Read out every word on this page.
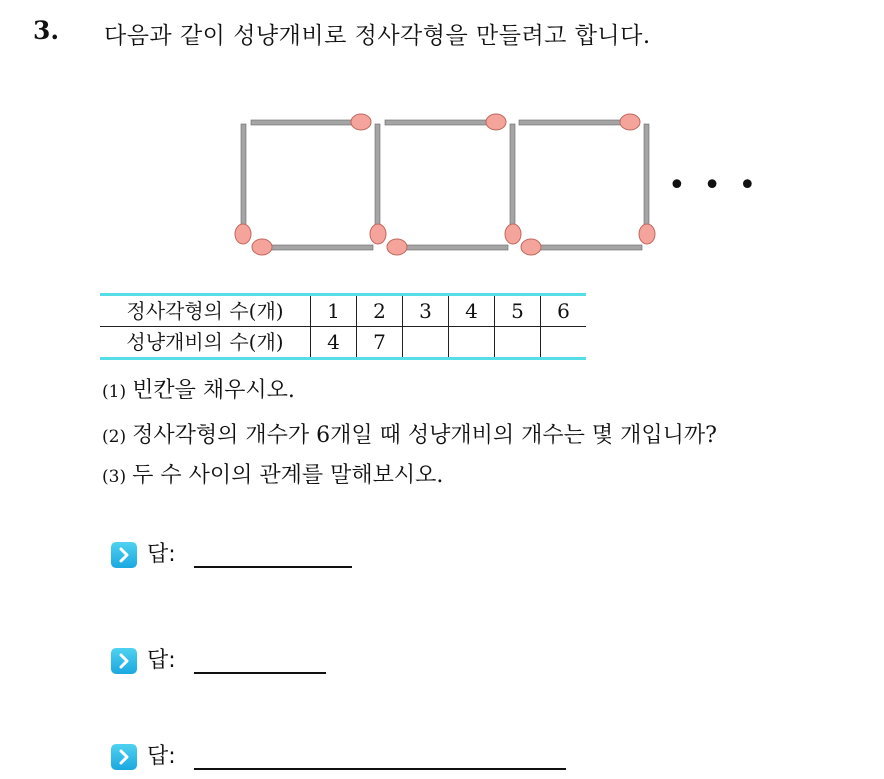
3. 다음과 같이 성냥개비로 정사각형을 만들려고 합니다.
• • •
정사각형의 수(개)	1	2	3	4	5	6
성냥개비의 수(개)	4	7				
(1) 빈칸을 채우시오.
(2) 정사각형의 개수가 6개일 때 성냥개비의 개수는 몇 개입니까?
(3) 두 수 사이의 관계를 말해보시오.
답:
답:
답:
